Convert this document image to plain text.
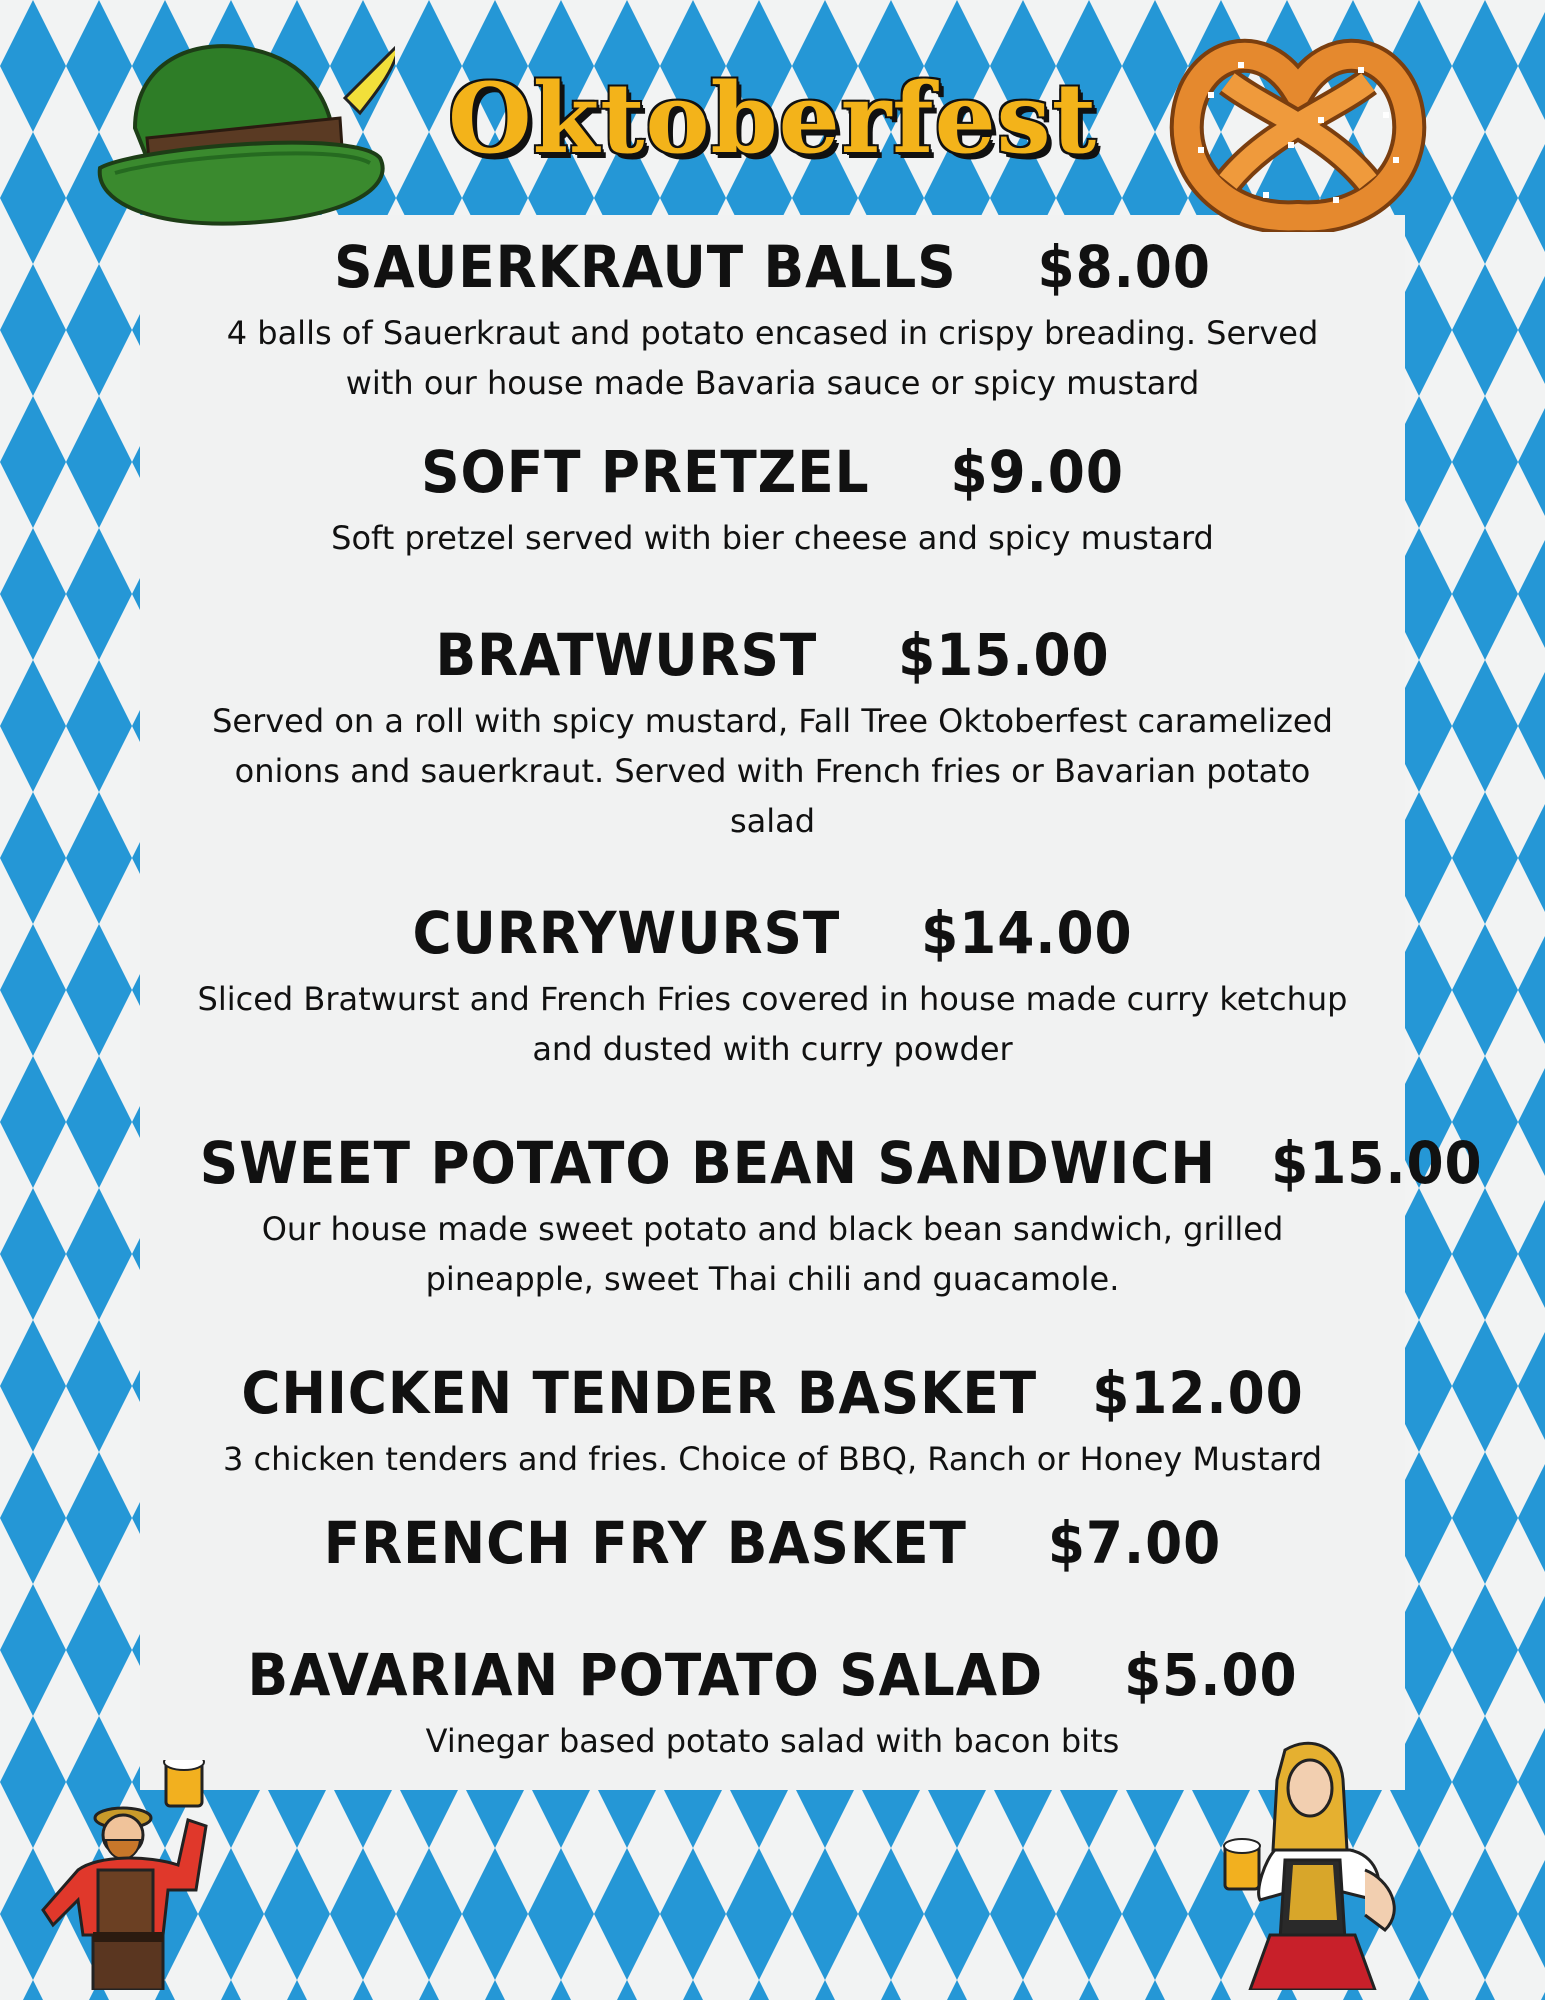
Oktoberfest
SAUERKRAUT BALLS $8.00
4 balls of Sauerkraut and potato encased in crispy breading. Served with our house made Bavaria sauce or spicy mustard
SOFT PRETZEL $9.00
Soft pretzel served with bier cheese and spicy mustard
BRATWURST $15.00
Served on a roll with spicy mustard, Fall Tree Oktoberfest caramelized onions and sauerkraut. Served with French fries or Bavarian potato salad
CURRYWURST $14.00
Sliced Bratwurst and French Fries covered in house made curry ketchup and dusted with curry powder
SWEET POTATO BEAN SANDWICH $15.00
Our house made sweet potato and black bean sandwich, grilled pineapple, sweet Thai chili and guacamole.
CHICKEN TENDER BASKET $12.00
3 chicken tenders and fries. Choice of BBQ, Ranch or Honey Mustard
FRENCH FRY BASKET $7.00
BAVARIAN POTATO SALAD $5.00
Vinegar based potato salad with bacon bits
